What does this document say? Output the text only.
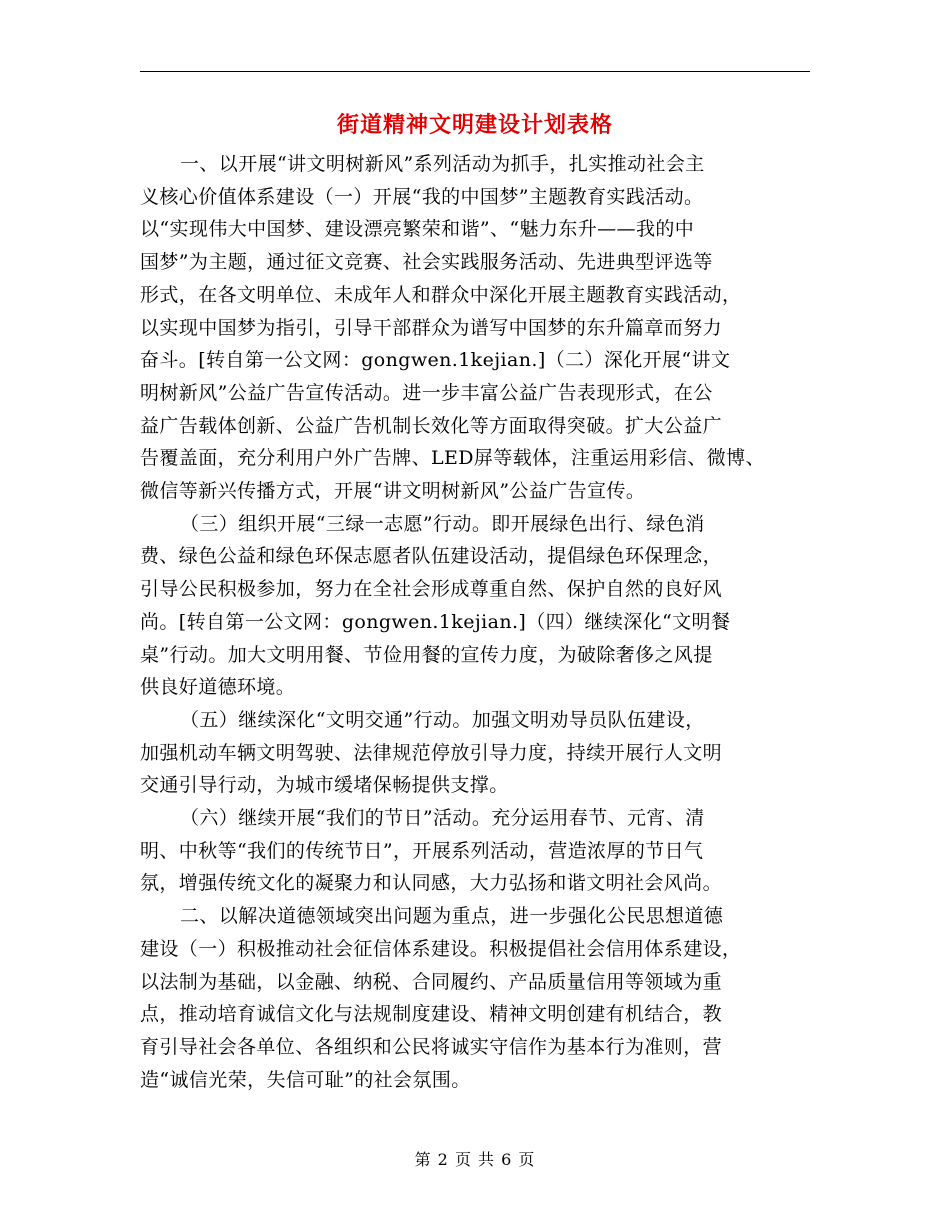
街道精神文明建设计划表格

一、以开展“讲文明树新风”系列活动为抓手，扎实推动社会主
义核心价值体系建设（一）开展“我的中国梦”主题教育实践活动。
以“实现伟大中国梦、建设漂亮繁荣和谐”、“魅力东升——我的中
国梦”为主题，通过征文竞赛、社会实践服务活动、先进典型评选等
形式，在各文明单位、未成年人和群众中深化开展主题教育实践活动，
以实现中国梦为指引，引导干部群众为谱写中国梦的东升篇章而努力
奋斗。[转自第一公文网：gongwen.1kejian.]（二）深化开展“讲文
明树新风”公益广告宣传活动。进一步丰富公益广告表现形式，在公
益广告载体创新、公益广告机制长效化等方面取得突破。扩大公益广
告覆盖面，充分利用户外广告牌、LED屏等载体，注重运用彩信、微博、
微信等新兴传播方式，开展“讲文明树新风”公益广告宣传。

（三）组织开展“三绿一志愿”行动。即开展绿色出行、绿色消
费、绿色公益和绿色环保志愿者队伍建设活动，提倡绿色环保理念，
引导公民积极参加，努力在全社会形成尊重自然、保护自然的良好风
尚。[转自第一公文网：gongwen.1kejian.]（四）继续深化“文明餐
桌”行动。加大文明用餐、节俭用餐的宣传力度，为破除奢侈之风提
供良好道德环境。

（五）继续深化“文明交通”行动。加强文明劝导员队伍建设，
加强机动车辆文明驾驶、法律规范停放引导力度，持续开展行人文明
交通引导行动，为城市缓堵保畅提供支撑。

（六）继续开展“我们的节日”活动。充分运用春节、元宵、清
明、中秋等“我们的传统节日”，开展系列活动，营造浓厚的节日气
氛，增强传统文化的凝聚力和认同感，大力弘扬和谐文明社会风尚。

二、以解决道德领域突出问题为重点，进一步强化公民思想道德
建设（一）积极推动社会征信体系建设。积极提倡社会信用体系建设，
以法制为基础，以金融、纳税、合同履约、产品质量信用等领域为重
点，推动培育诚信文化与法规制度建设、精神文明创建有机结合，教
育引导社会各单位、各组织和公民将诚实守信作为基本行为准则，营
造“诚信光荣，失信可耻”的社会氛围。

第 2 页 共 6 页
